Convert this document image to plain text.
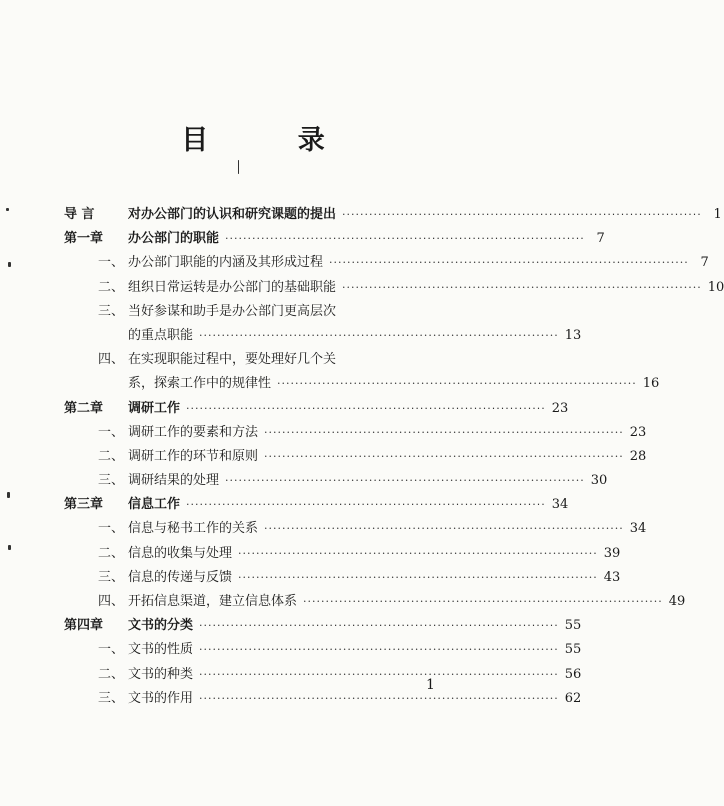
目 录
导 言	对办公部门的认识和研究课题的提出 ················································································ 1
第一章	办公部门的职能 ················································································ 7
一、 办公部门职能的内涵及其形成过程 ················································································ 7
二、 组织日常运转是办公部门的基础职能 ················································································ 10
三、 当好参谋和助手是办公部门更高层次
的重点职能 ················································································ 13
四、 在实现职能过程中，要处理好几个关
系，探索工作中的规律性 ················································································ 16
第二章	调研工作 ················································································ 23
一、 调研工作的要素和方法 ················································································ 23
二、 调研工作的环节和原则 ················································································ 28
三、 调研结果的处理 ················································································ 30
第三章	信息工作 ················································································ 34
一、 信息与秘书工作的关系 ················································································ 34
二、 信息的收集与处理 ················································································ 39
三、 信息的传递与反馈 ················································································ 43
四、 开拓信息渠道，建立信息体系 ················································································ 49
第四章	文书的分类 ················································································ 55
一、 文书的性质 ················································································ 55
二、 文书的种类 ················································································ 56
三、 文书的作用 ················································································ 62
1
